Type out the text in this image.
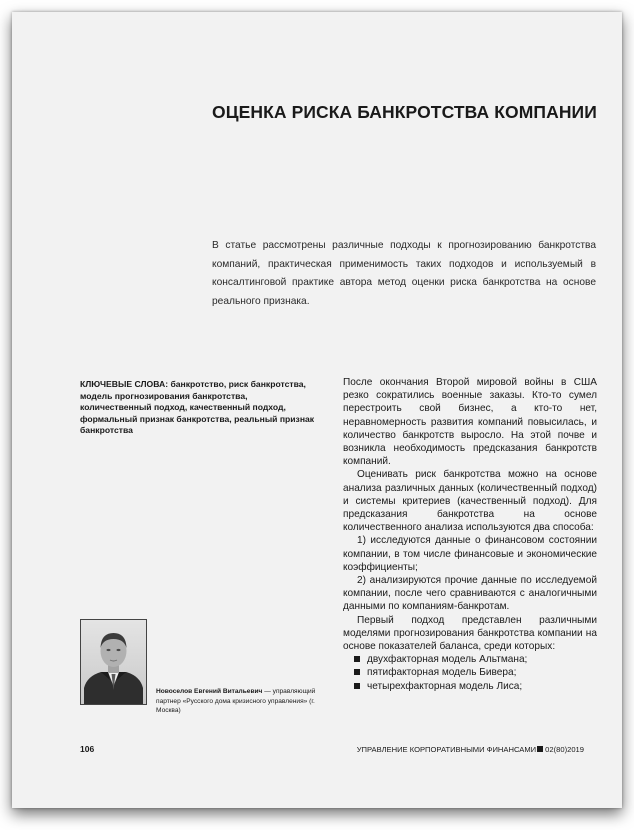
ОЦЕНКА РИСКА БАНКРОТСТВА КОМПАНИИ
В статье рассмотрены различные подходы к прогнозированию банкротства компаний, практическая применимость таких подходов и используемый в консалтинговой практике автора метод оценки риска банкротства на основе реального признака.
КЛЮЧЕВЫЕ СЛОВА: банкротство, риск банкротства, модель прогнозирования банкротства, количественный подход, качественный подход, формальный признак банкротства, реальный признак банкротства

После окончания Второй мировой войны в США резко сократились военные заказы. Кто-то сумел перестроить свой бизнес, а кто-то нет, неравномерность развития компаний повысилась, и количество банкротств выросло. На этой почве и возникла необходимость предсказания банкротств компаний.

Оценивать риск банкротства можно на основе анализа различных данных (количественный подход) и системы критериев (качественный подход). Для предсказания банкротства на основе количественного анализа используются два способа:

1) исследуются данные о финансовом состоянии компании, в том числе финансовые и экономические коэффициенты;

2) анализируются прочие данные по исследуемой компании, после чего сравниваются с аналогичными данными по компаниям-банкротам.

Первый подход представлен различными моделями прогнозирования банкротства компании на основе показателей баланса, среди которых:

двухфакторная модель Альтмана;
пятифакторная модель Бивера;
четырехфакторная модель Лиса;
Новоселов Евгений Витальевич — управляющий партнер «Русского дома кризисного управления» (г. Москва)
106	УПРАВЛЕНИЕ КОРПОРАТИВНЫМИ ФИНАНСАМИ 02(80)2019
